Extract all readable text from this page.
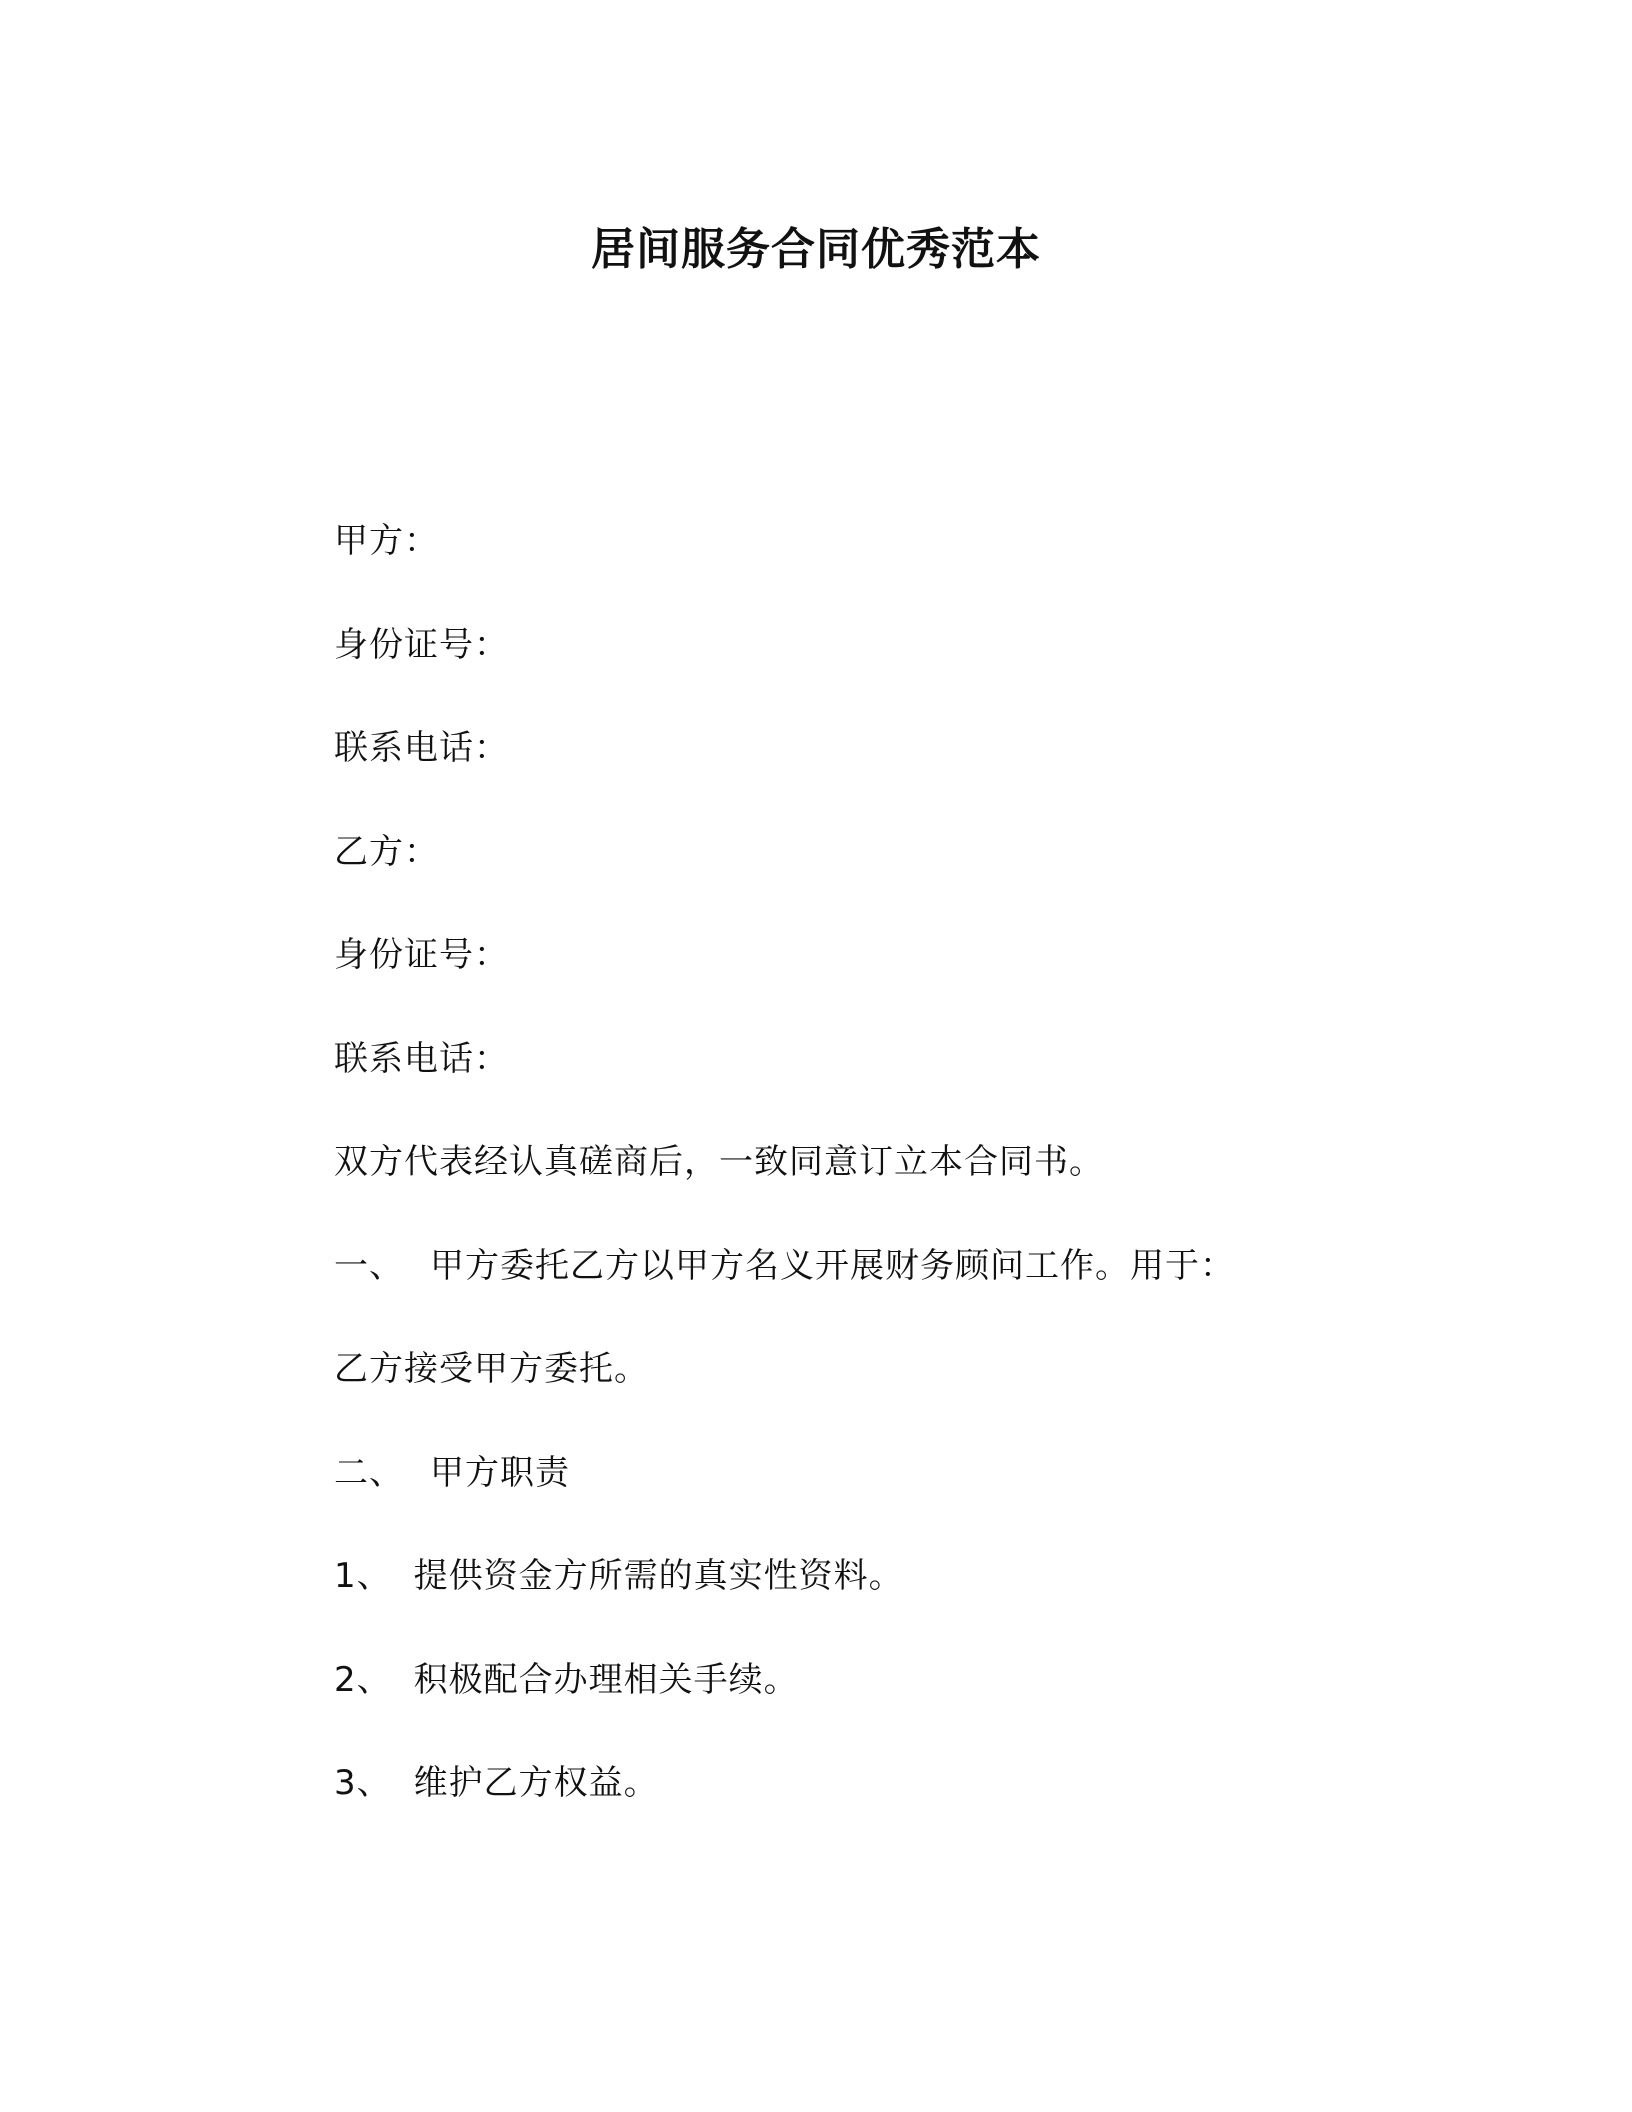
居间服务合同优秀范本
甲方：
身份证号：
联系电话：
乙方：
身份证号：
联系电话：
双方代表经认真磋商后，一致同意订立本合同书。
一、 甲方委托乙方以甲方名义开展财务顾问工作。用于：
乙方接受甲方委托。
二、 甲方职责
1、 提供资金方所需的真实性资料。
2、 积极配合办理相关手续。
3、 维护乙方权益。
